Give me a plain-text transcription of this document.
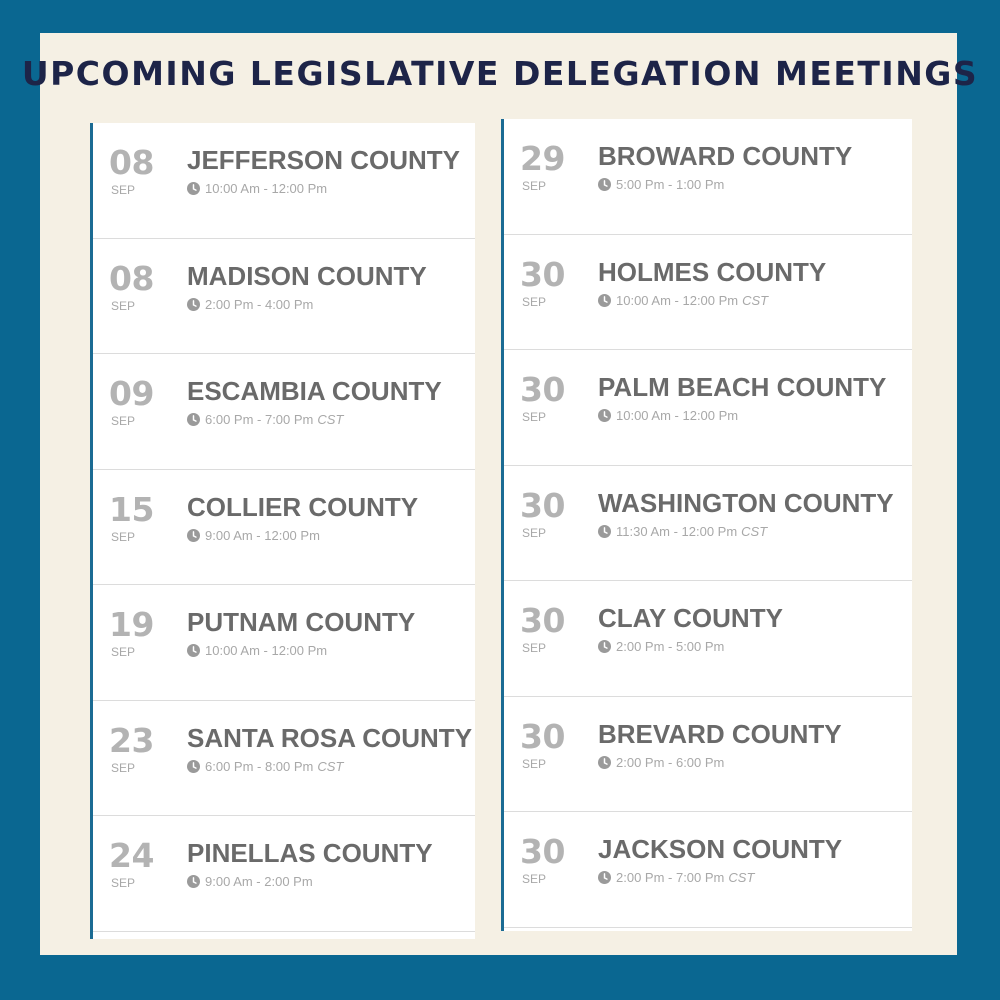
UPCOMING LEGISLATIVE DELEGATION MEETINGS
08
SEP
JEFFERSON COUNTY
10:00 Am - 12:00 Pm
08
SEP
MADISON COUNTY
2:00 Pm - 4:00 Pm
09
SEP
ESCAMBIA COUNTY
6:00 Pm - 7:00 Pm CST
15
SEP
COLLIER COUNTY
9:00 Am - 12:00 Pm
19
SEP
PUTNAM COUNTY
10:00 Am - 12:00 Pm
23
SEP
SANTA ROSA COUNTY
6:00 Pm - 8:00 Pm CST
24
SEP
PINELLAS COUNTY
9:00 Am - 2:00 Pm
29
SEP
BROWARD COUNTY
5:00 Pm - 1:00 Pm
30
SEP
HOLMES COUNTY
10:00 Am - 12:00 Pm CST
30
SEP
PALM BEACH COUNTY
10:00 Am - 12:00 Pm
30
SEP
WASHINGTON COUNTY
11:30 Am - 12:00 Pm CST
30
SEP
CLAY COUNTY
2:00 Pm - 5:00 Pm
30
SEP
BREVARD COUNTY
2:00 Pm - 6:00 Pm
30
SEP
JACKSON COUNTY
2:00 Pm - 7:00 Pm CST
